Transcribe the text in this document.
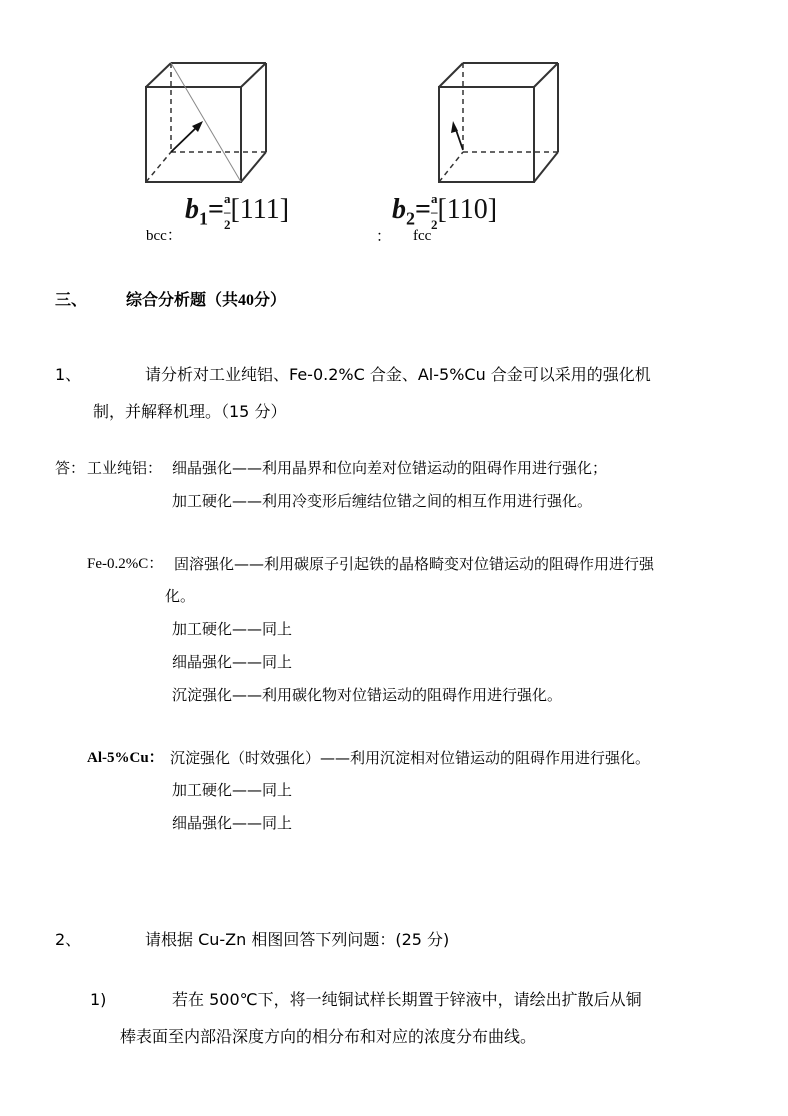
bcc：
$b_1=a$
–
2[111]
：
$b_2=a$
–
2[110]
fcc
三、 综合分析题（共40分）
1、	请分析对工业纯铝、Fe-0.2%C 合金、Al-5%Cu 合金可以采用的强化机
制，并解释机理。（15 分）
答： 工业纯铝： 细晶强化——利用晶界和位向差对位错运动的阻碍作用进行强化；
加工硬化——利用冷变形后缠结位错之间的相互作用进行强化。
Fe-0.2%C： 固溶强化——利用碳原子引起铁的晶格畸变对位错运动的阻碍作用进行强
化。
加工硬化——同上
细晶强化——同上
沉淀强化——利用碳化物对位错运动的阻碍作用进行强化。
Al-5%Cu： 沉淀强化（时效强化）——利用沉淀相对位错运动的阻碍作用进行强化。
加工硬化——同上
细晶强化——同上
2、	请根据 Cu-Zn 相图回答下列问题：(25 分)
1)	若在 500℃下，将一纯铜试样长期置于锌液中，请绘出扩散后从铜
棒表面至内部沿深度方向的相分布和对应的浓度分布曲线。
